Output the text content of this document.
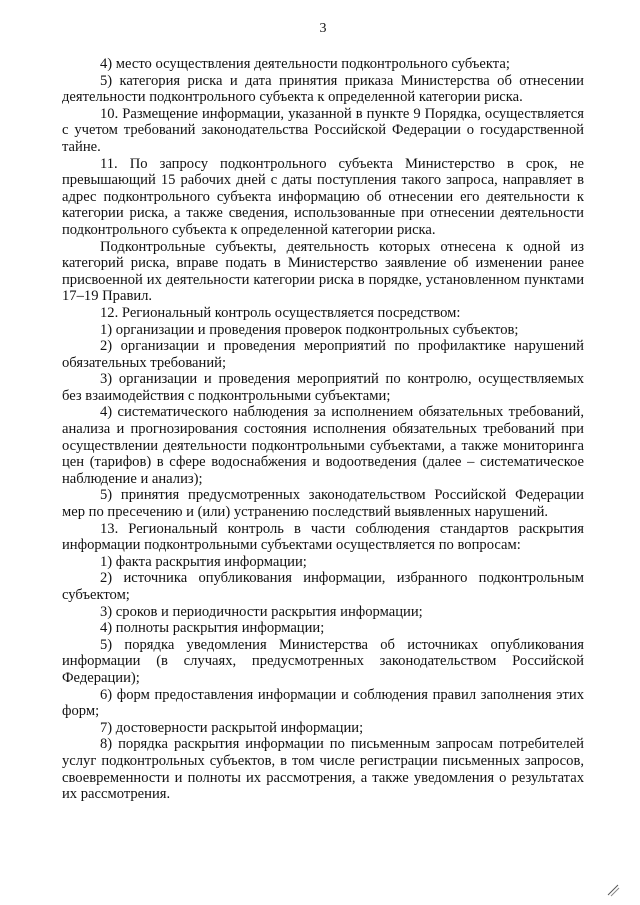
3

4) место осуществления деятельности подконтрольного субъекта;

5) категория риска и дата принятия приказа Министерства об отнесении деятельности подконтрольного субъекта к определенной категории риска.

10. Размещение информации, указанной в пункте 9 Порядка, осуществляется с учетом требований законодательства Российской Федерации о государственной тайне.

11. По запросу подконтрольного субъекта Министерство в срок, не превышающий 15 рабочих дней с даты поступления такого запроса, направляет в адрес подконтрольного субъекта информацию об отнесении его деятельности к категории риска, а также сведения, использованные при отнесении деятельности подконтрольного субъекта к определенной категории риска.

Подконтрольные субъекты, деятельность которых отнесена к одной из категорий риска, вправе подать в Министерство заявление об изменении ранее присвоенной их деятельности категории риска в порядке, установленном пунктами 17–19 Правил.

12. Региональный контроль осуществляется посредством:

1) организации и проведения проверок подконтрольных субъектов;

2) организации и проведения мероприятий по профилактике нарушений обязательных требований;

3) организации и проведения мероприятий по контролю, осуществляемых без взаимодействия с подконтрольными субъектами;

4) систематического наблюдения за исполнением обязательных требований, анализа и прогнозирования состояния исполнения обязательных требований при осуществлении деятельности подконтрольными субъектами, а также мониторинга цен (тарифов) в сфере водоснабжения и водоотведения (далее – систематическое наблюдение и анализ);

5) принятия предусмотренных законодательством Российской Федерации мер по пресечению и (или) устранению последствий выявленных нарушений.

13. Региональный контроль в части соблюдения стандартов раскрытия информации подконтрольными субъектами осуществляется по вопросам:

1) факта раскрытия информации;

2) источника опубликования информации, избранного подконтрольным субъектом;

3) сроков и периодичности раскрытия информации;

4) полноты раскрытия информации;

5) порядка уведомления Министерства об источниках опубликования информации (в случаях, предусмотренных законодательством Российской Федерации);

6) форм предоставления информации и соблюдения правил заполнения этих форм;

7) достоверности раскрытой информации;

8) порядка раскрытия информации по письменным запросам потребителей услуг подконтрольных субъектов, в том числе регистрации письменных запросов, своевременности и полноты их рассмотрения, а также уведомления о результатах их рассмотрения.
